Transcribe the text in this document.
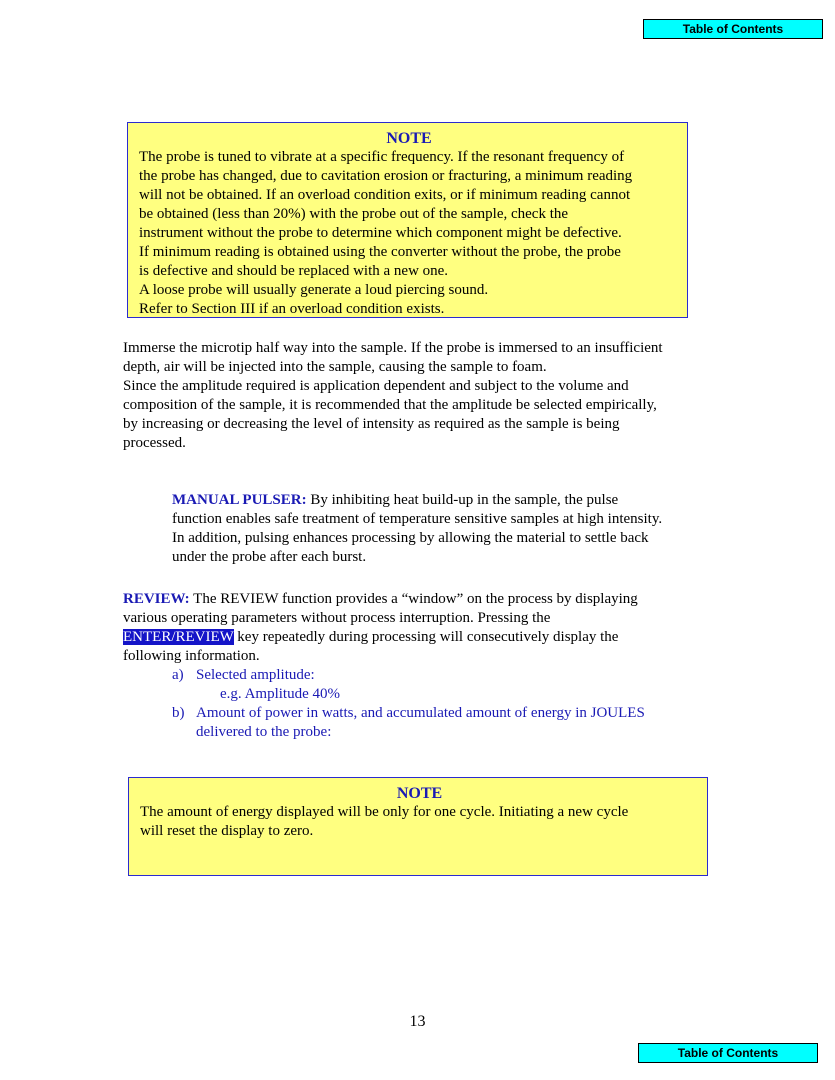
Table of Contents
NOTE
The probe is tuned to vibrate at a specific frequency. If the resonant frequency of
the probe has changed, due to cavitation erosion or fracturing, a minimum reading
will not be obtained. If an overload condition exits, or if minimum reading cannot
be obtained (less than 20%) with the probe out of the sample, check the
instrument without the probe to determine which component might be defective.
If minimum reading is obtained using the converter without the probe, the probe
is defective and should be replaced with a new one.
A loose probe will usually generate a loud piercing sound.
Refer to Section III if an overload condition exists.
Immerse the microtip half way into the sample. If the probe is immersed to an insufficient
depth, air will be injected into the sample, causing the sample to foam.
Since the amplitude required is application dependent and subject to the volume and
composition of the sample, it is recommended that the amplitude be selected empirically,
by increasing or decreasing the level of intensity as required as the sample is being
processed.
MANUAL PULSER: By inhibiting heat build-up in the sample, the pulse
function enables safe treatment of temperature sensitive samples at high intensity.
In addition, pulsing enhances processing by allowing the material to settle back
under the probe after each burst.
REVIEW: The REVIEW function provides a “window” on the process by displaying
various operating parameters without process interruption. Pressing the
ENTER/REVIEW key repeatedly during processing will consecutively display the
following information.
a) Selected amplitude:
e.g. Amplitude 40%
b) Amount of power in watts, and accumulated amount of energy in JOULES
delivered to the probe:
NOTE
The amount of energy displayed will be only for one cycle. Initiating a new cycle
will reset the display to zero.
13
Table of Contents
